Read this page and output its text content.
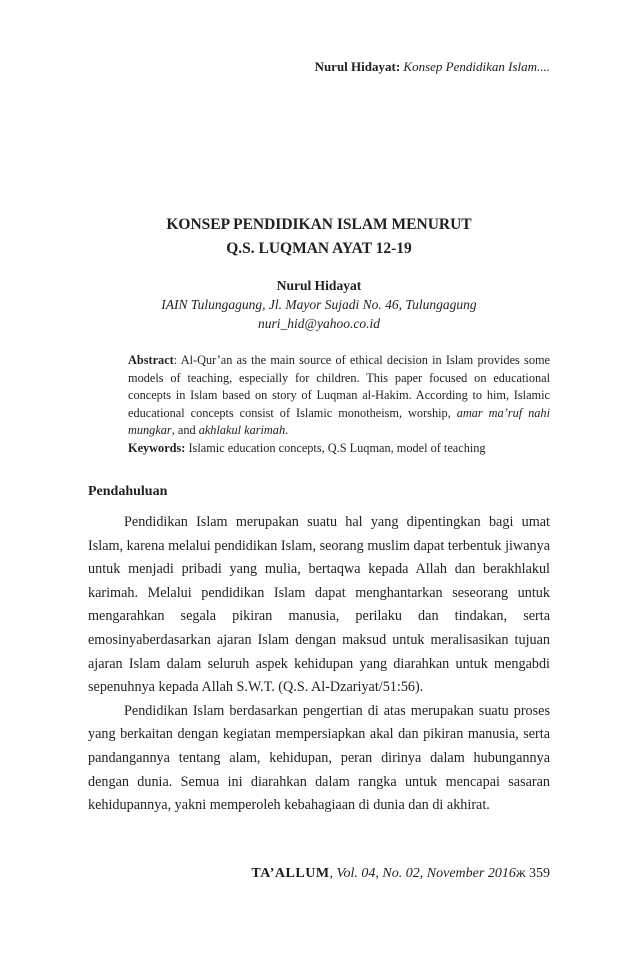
Nurul Hidayat: Konsep Pendidikan Islam....
KONSEP PENDIDIKAN ISLAM MENURUT
Q.S. LUQMAN AYAT 12-19
Nurul Hidayat
IAIN Tulungagung, Jl. Mayor Sujadi No. 46, Tulungagung
nuri_hid@yahoo.co.id

Abstract: Al-Qur’an as the main source of ethical decision in Islam provides some models of teaching, especially for children. This paper focused on educational concepts in Islam based on story of Luqman al-Hakim. According to him, Islamic educational concepts consist of Islamic monotheism, worship, amar ma’ruf nahi mungkar, and akhlakul karimah.

Keywords: Islamic education concepts, Q.S Luqman, model of teaching

Pendahuluan

Pendidikan Islam merupakan suatu hal yang dipentingkan bagi umat Islam, karena melalui pendidikan Islam, seorang muslim dapat terbentuk jiwanya untuk menjadi pribadi yang mulia, bertaqwa kepada Allah dan berakhlakul karimah. Melalui pendidikan Islam dapat menghantarkan seseorang untuk mengarahkan segala pikiran manusia, perilaku dan tindakan, serta emosinyaberdasarkan ajaran Islam dengan maksud untuk meralisasikan tujuan ajaran Islam dalam seluruh aspek kehidupan yang diarahkan untuk mengabdi sepenuhnya kepada Allah S.W.T. (Q.S. Al-Dzariyat/51:56).

Pendidikan Islam berdasarkan pengertian di atas merupakan suatu proses yang berkaitan dengan kegiatan mempersiapkan akal dan pikiran manusia, serta pandangannya tentang alam, kehidupan, peran dirinya dalam hubungannya dengan dunia. Semua ini diarahkan dalam rangka untuk mencapai sasaran kehidupannya, yakni memperoleh kebahagiaan di dunia dan di akhirat.

TA’ALLUM, Vol. 04, No. 02, November 2016ж 359
